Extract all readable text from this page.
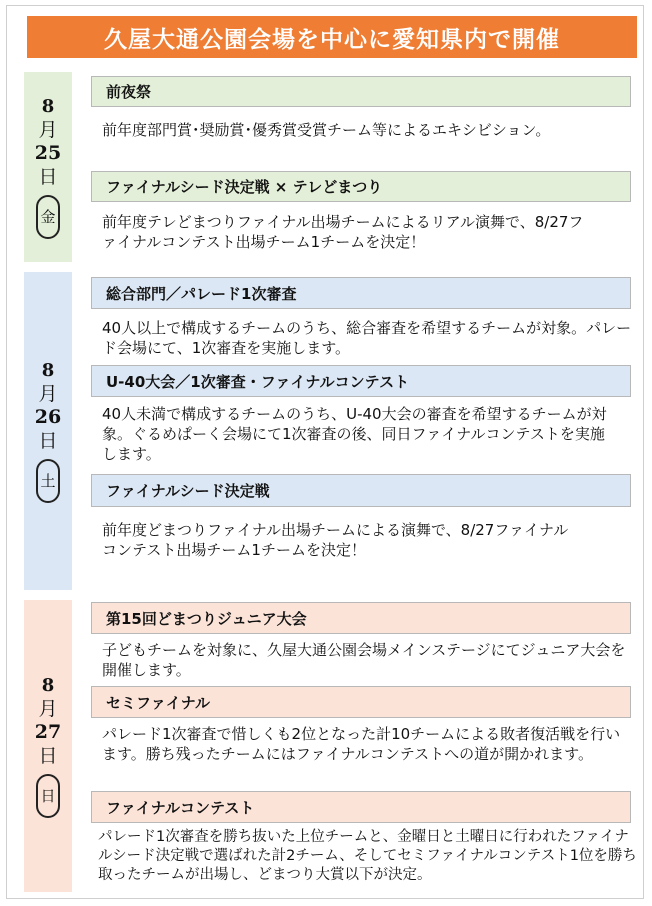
久屋大通公園会場を中心に愛知県内で開催
8
月
25
日
金
前夜祭
前年度部門賞･奨励賞･優秀賞受賞チーム等によるエキシビション。
ファイナルシード決定戦 × テレどまつり
前年度テレどまつりファイナル出場チームによるリアル演舞で、8/27ファイナルコンテスト出場チーム1チームを決定！
8
月
26
日
土
総合部門／パレード1次審査
40人以上で構成するチームのうち、総合審査を希望するチームが対象。パレード会場にて、1次審査を実施します。
U-40大会／1次審査・ファイナルコンテスト
40人未満で構成するチームのうち、U-40大会の審査を希望するチームが対象。ぐるめぱーく会場にて1次審査の後、同日ファイナルコンテストを実施します。
ファイナルシード決定戦
前年度どまつりファイナル出場チームによる演舞で、8/27ファイナルコンテスト出場チーム1チームを決定！
8
月
27
日
日
第15回どまつりジュニア大会
子どもチームを対象に、久屋大通公園会場メインステージにてジュニア大会を開催します。
セミファイナル
パレード1次審査で惜しくも2位となった計10チームによる敗者復活戦を行います。勝ち残ったチームにはファイナルコンテストへの道が開かれます。
ファイナルコンテスト
パレード1次審査を勝ち抜いた上位チームと、金曜日と土曜日に行われたファイナルシード決定戦で選ばれた計2チーム、そしてセミファイナルコンテスト1位を勝ち取ったチームが出場し、どまつり大賞以下が決定。
